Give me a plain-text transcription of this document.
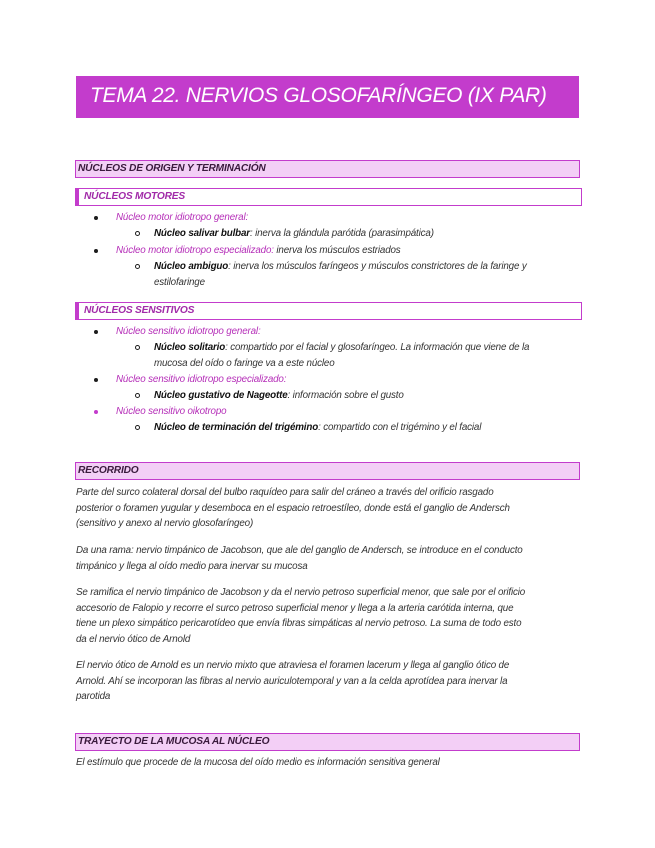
TEMA 22. NERVIOS GLOSOFARÍNGEO (IX PAR)
NÚCLEOS DE ORIGEN Y TERMINACIÓN
NÚCLEOS MOTORES
Núcleo motor idiotropo general:
Núcleo salivar bulbar: inerva la glándula parótida (parasimpática)
Núcleo motor idiotropo especializado: inerva los músculos estriados
Núcleo ambiguo: inerva los músculos faríngeos y músculos constrictores de la faringe y
estilofaringe
NÚCLEOS SENSITIVOS
Núcleo sensitivo idiotropo general:
Núcleo solitario: compartido por el facial y glosofaríngeo. La información que viene de la
mucosa del oído o faringe va a este núcleo
Núcleo sensitivo idiotropo especializado:
Núcleo gustativo de Nageotte: información sobre el gusto
Núcleo sensitivo oikotropo
Núcleo de terminación del trigémino: compartido con el trigémino y el facial
RECORRIDO
Parte del surco colateral dorsal del bulbo raquídeo para salir del cráneo a través del orificio rasgado
posterior o foramen yugular y desemboca en el espacio retroestíleo, donde está el ganglio de Andersch
(sensitivo y anexo al nervio glosofaríngeo)
Da una rama: nervio timpánico de Jacobson, que ale del ganglio de Andersch, se introduce en el conducto
timpánico y llega al oído medio para inervar su mucosa
Se ramifica el nervio timpánico de Jacobson y da el nervio petroso superficial menor, que sale por el orificio
accesorio de Falopio y recorre el surco petroso superficial menor y llega a la arteria carótida interna, que
tiene un plexo simpático pericarotídeo que envía fibras simpáticas al nervio petroso. La suma de todo esto
da el nervio ótico de Arnold
El nervio ótico de Arnold es un nervio mixto que atraviesa el foramen lacerum y llega al ganglio ótico de
Arnold. Ahí se incorporan las fibras al nervio auriculotemporal y van a la celda aprotídea para inervar la
parotida
TRAYECTO DE LA MUCOSA AL NÚCLEO
El estímulo que procede de la mucosa del oído medio es información sensitiva general
